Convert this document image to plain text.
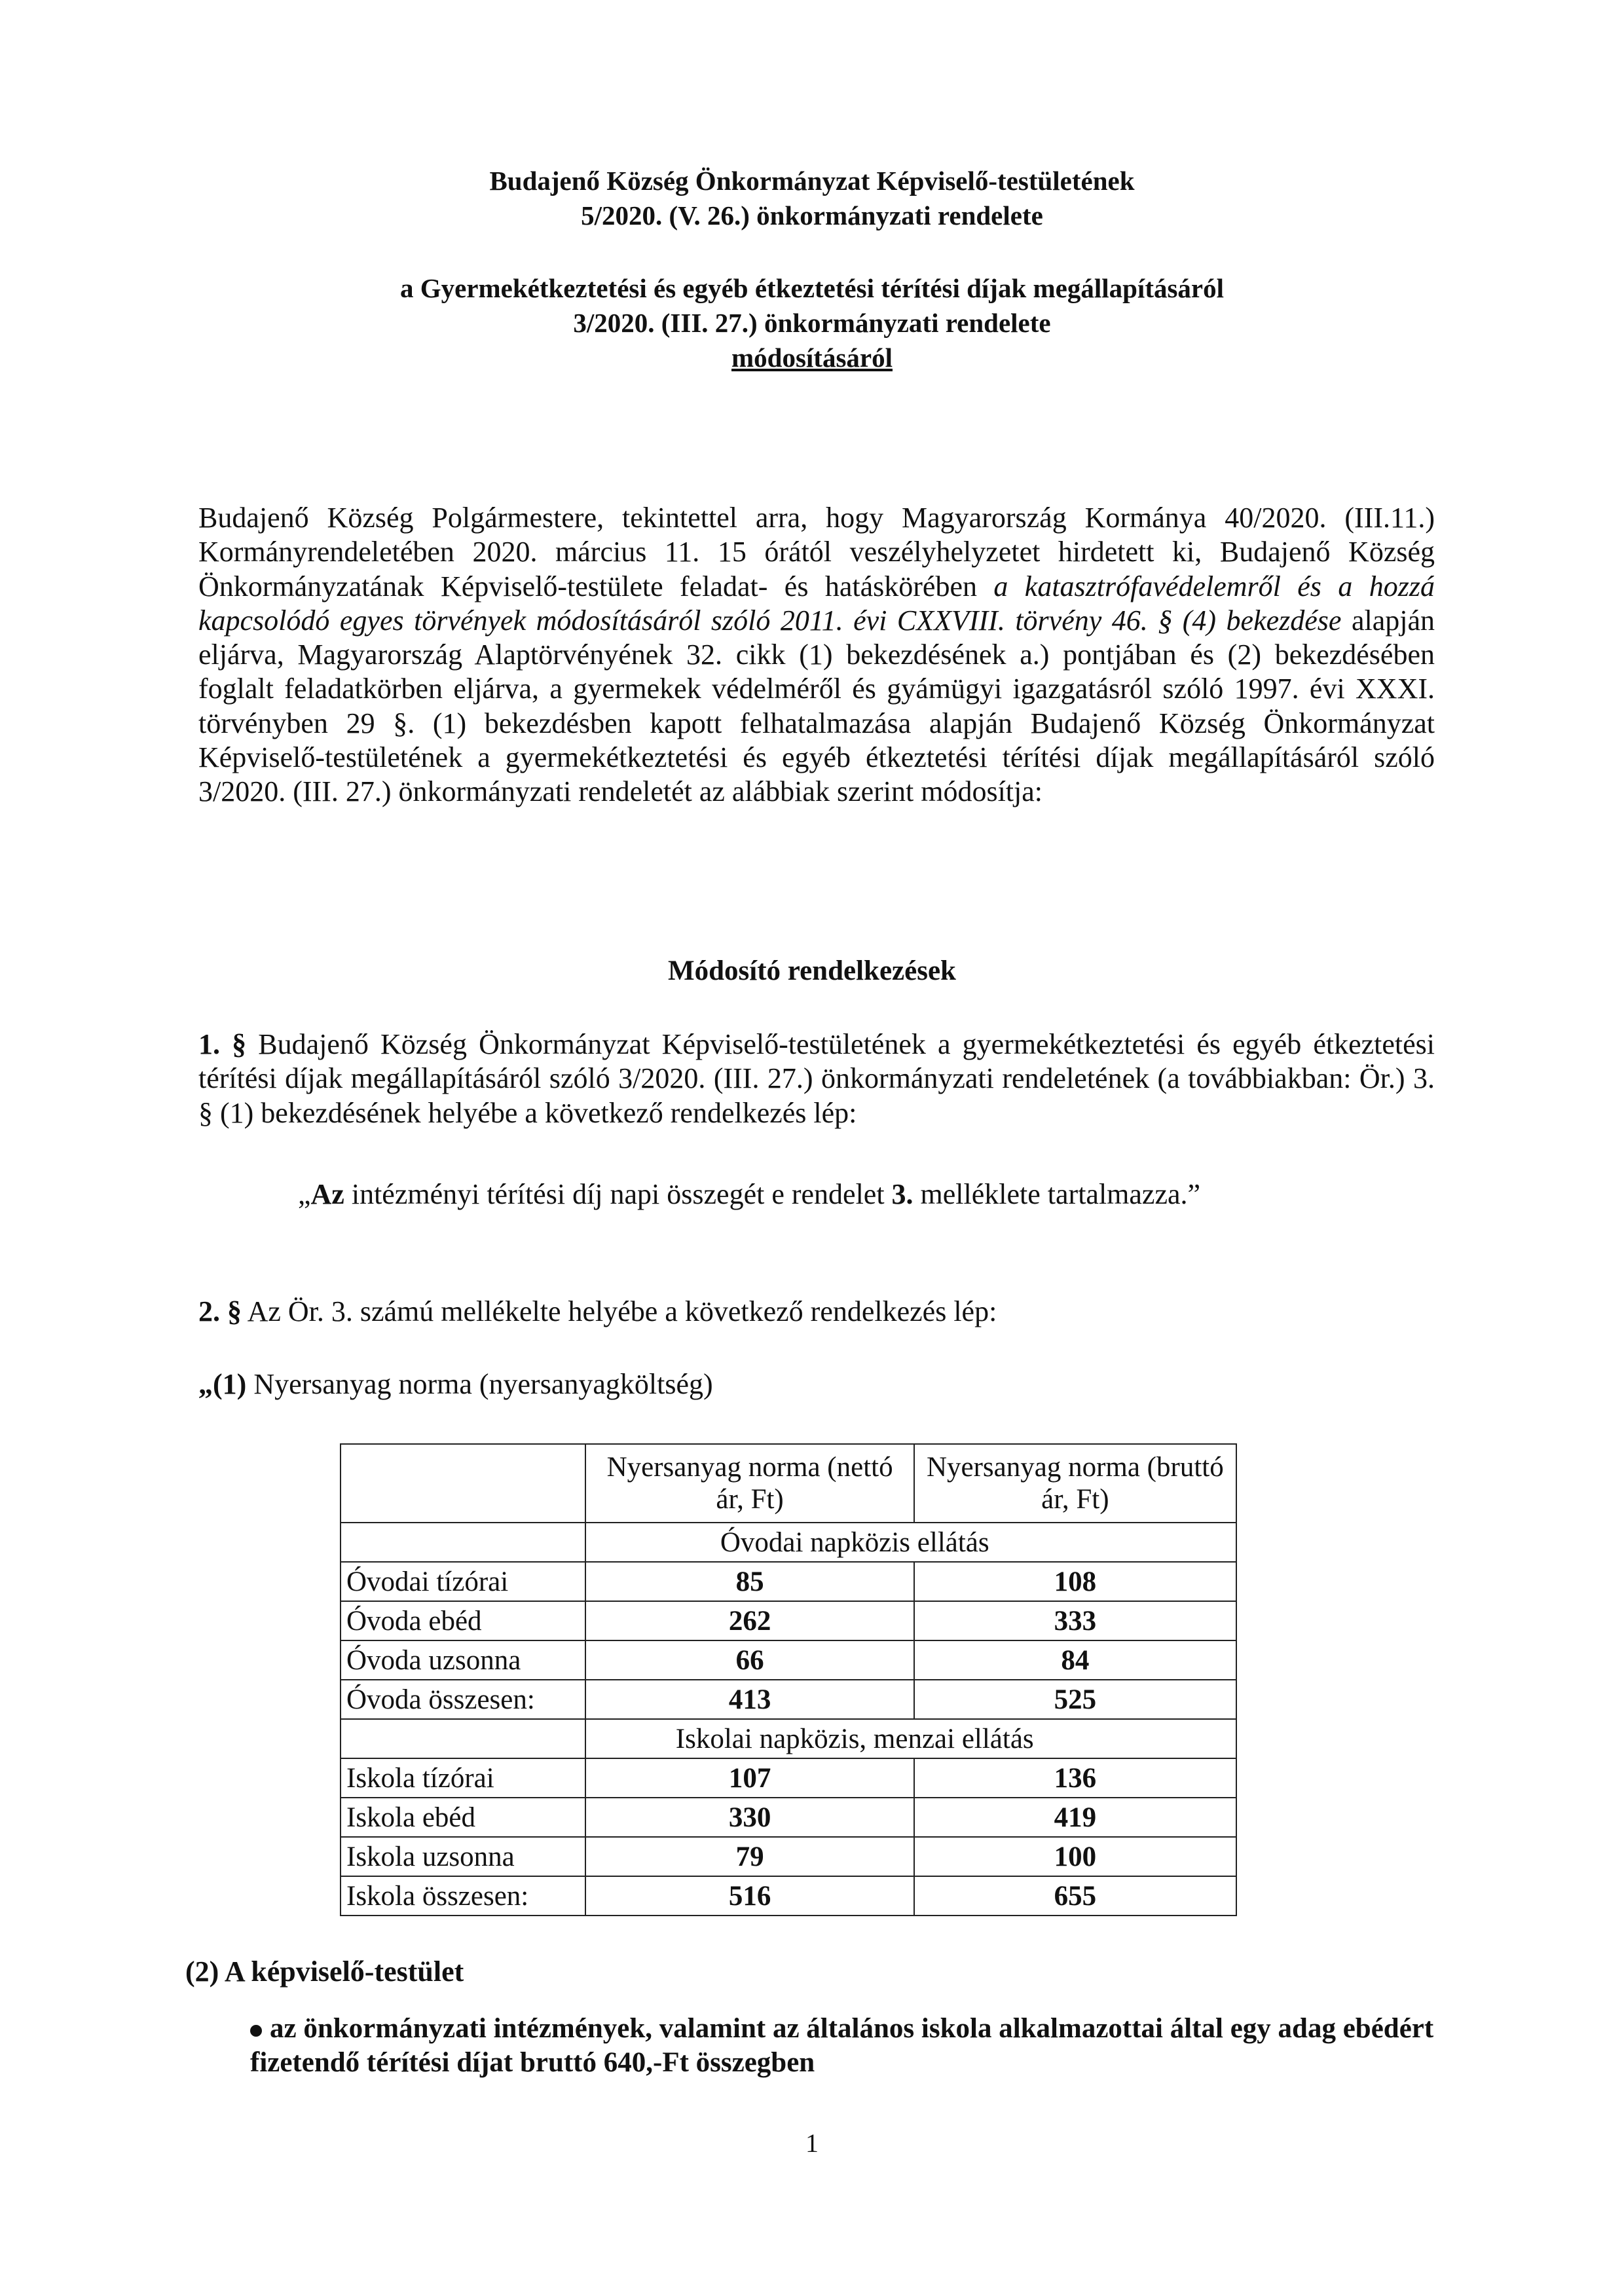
Budajenő Község Önkormányzat Képviselő-testületének
5/2020. (V. 26.) önkormányzati rendelete
a Gyermekétkeztetési és egyéb étkeztetési térítési díjak megállapításáról
3/2020. (III. 27.) önkormányzati rendelete
módosításáról
Budajenő Község Polgármestere, tekintettel arra, hogy Magyarország Kormánya 40/2020. (III.11.) Kormányrendeletében 2020. március 11. 15 órától veszélyhelyzetet hirdetett ki, Budajenő Község Önkormányzatának Képviselő-testülete feladat- és hatáskörében a katasztrófavédelemről és a hozzá kapcsolódó egyes törvények módosításáról szóló 2011. évi CXXVIII. törvény 46. § (4) bekezdése alapján eljárva, Magyarország Alaptörvényének 32. cikk (1) bekezdésének a.) pontjában és (2) bekezdésében foglalt feladatkörben eljárva, a gyermekek védelméről és gyámügyi igazgatásról szóló 1997. évi XXXI. törvényben 29 §. (1) bekezdésben kapott felhatalmazása alapján Budajenő Község Önkormányzat Képviselő-testületének a gyermekétkeztetési és egyéb étkeztetési térítési díjak megállapításáról szóló 3/2020. (III. 27.) önkormányzati rendeletét az alábbiak szerint módosítja:
Módosító rendelkezések
1. § Budajenő Község Önkormányzat Képviselő-testületének a gyermekétkeztetési és egyéb étkeztetési térítési díjak megállapításáról szóló 3/2020. (III. 27.) önkormányzati rendeletének (a továbbiakban: Ör.) 3. § (1) bekezdésének helyébe a következő rendelkezés lép:
„Az intézményi térítési díj napi összegét e rendelet 3. melléklete tartalmazza.”
2. § Az Ör. 3. számú mellékelte helyébe a következő rendelkezés lép:
„(1) Nyersanyag norma (nyersanyagköltség)
	Nyersanyag norma (nettó ár, Ft)	Nyersanyag norma (bruttó ár, Ft)
	Óvodai napközis ellátás	
Óvodai tízórai	85	108
Óvoda ebéd	262	333
Óvoda uzsonna	66	84
Óvoda összesen:	413	525
	Iskolai napközis, menzai ellátás	
Iskola tízórai	107	136
Iskola ebéd	330	419
Iskola uzsonna	79	100
Iskola összesen:	516	655
(2) A képviselő-testület
az önkormányzati intézmények, valamint az általános iskola alkalmazottai által egy adag ebédért fizetendő térítési díjat bruttó 640,-Ft összegben
1
